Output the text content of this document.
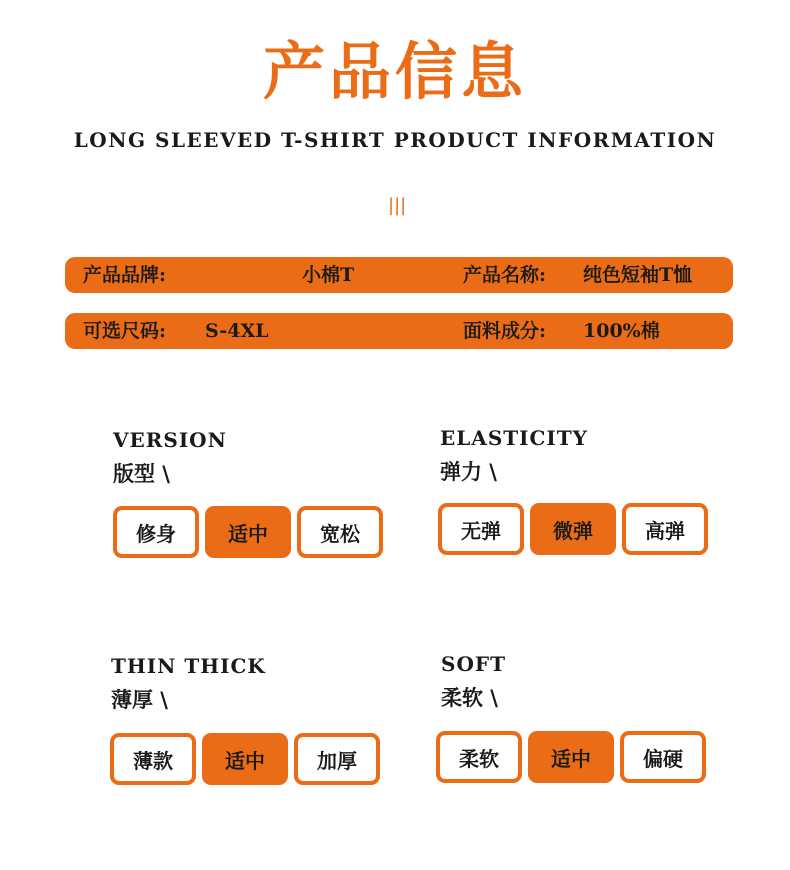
产品信息
LONG SLEEVED T-SHIRT PRODUCT INFORMATION
|||
产品品牌:	小棉T	产品名称: 纯色短袖T恤
可选尺码: S-4XL	面料成分: 100%棉
VERSION
版型 \
修身	适中	宽松
ELASTICITY
弹力 \
无弹	微弹	高弹
THIN THICK
薄厚 \
薄款	适中	加厚
SOFT
柔软 \
柔软	适中	偏硬
